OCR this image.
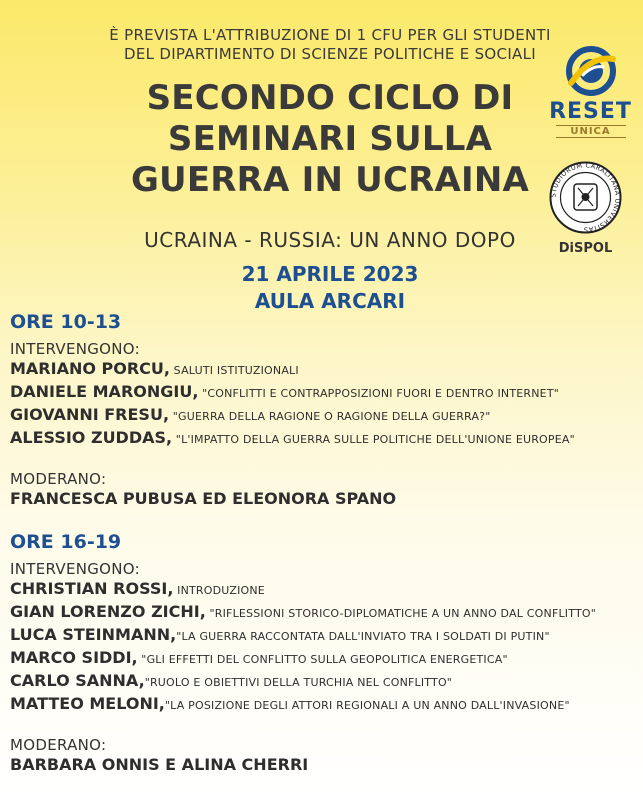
È PREVISTA L'ATTRIBUZIONE DI 1 CFU PER GLI STUDENTI
DEL DIPARTIMENTO DI SCIENZE POLITICHE E SOCIALI
SECONDO CICLO DI
SEMINARI SULLA
GUERRA IN UCRAINA
UCRAINA - RUSSIA: UN ANNO DOPO
21 APRILE 2023
AULA ARCARI
RESET
UNICA
STUDIORUM CARALITANA UNIVERSITAS
DiSPOL
ORE 10-13
INTERVENGONO:
MARIANO PORCU, SALUTI ISTITUZIONALI
DANIELE MARONGIU, "CONFLITTI E CONTRAPPOSIZIONI FUORI E DENTRO INTERNET"
GIOVANNI FRESU, "GUERRA DELLA RAGIONE O RAGIONE DELLA GUERRA?"
ALESSIO ZUDDAS, "L'IMPATTO DELLA GUERRA SULLE POLITICHE DELL'UNIONE EUROPEA"
MODERANO:
FRANCESCA PUBUSA ED ELEONORA SPANO
ORE 16-19
INTERVENGONO:
CHRISTIAN ROSSI, INTRODUZIONE
GIAN LORENZO ZICHI, "RIFLESSIONI STORICO-DIPLOMATICHE A UN ANNO DAL CONFLITTO"
LUCA STEINMANN,"LA GUERRA RACCONTATA DALL'INVIATO TRA I SOLDATI DI PUTIN"
MARCO SIDDI, "GLI EFFETTI DEL CONFLITTO SULLA GEOPOLITICA ENERGETICA"
CARLO SANNA,"RUOLO E OBIETTIVI DELLA TURCHIA NEL CONFLITTO"
MATTEO MELONI,"LA POSIZIONE DEGLI ATTORI REGIONALI A UN ANNO DALL'INVASIONE"
MODERANO:
BARBARA ONNIS E ALINA CHERRI
